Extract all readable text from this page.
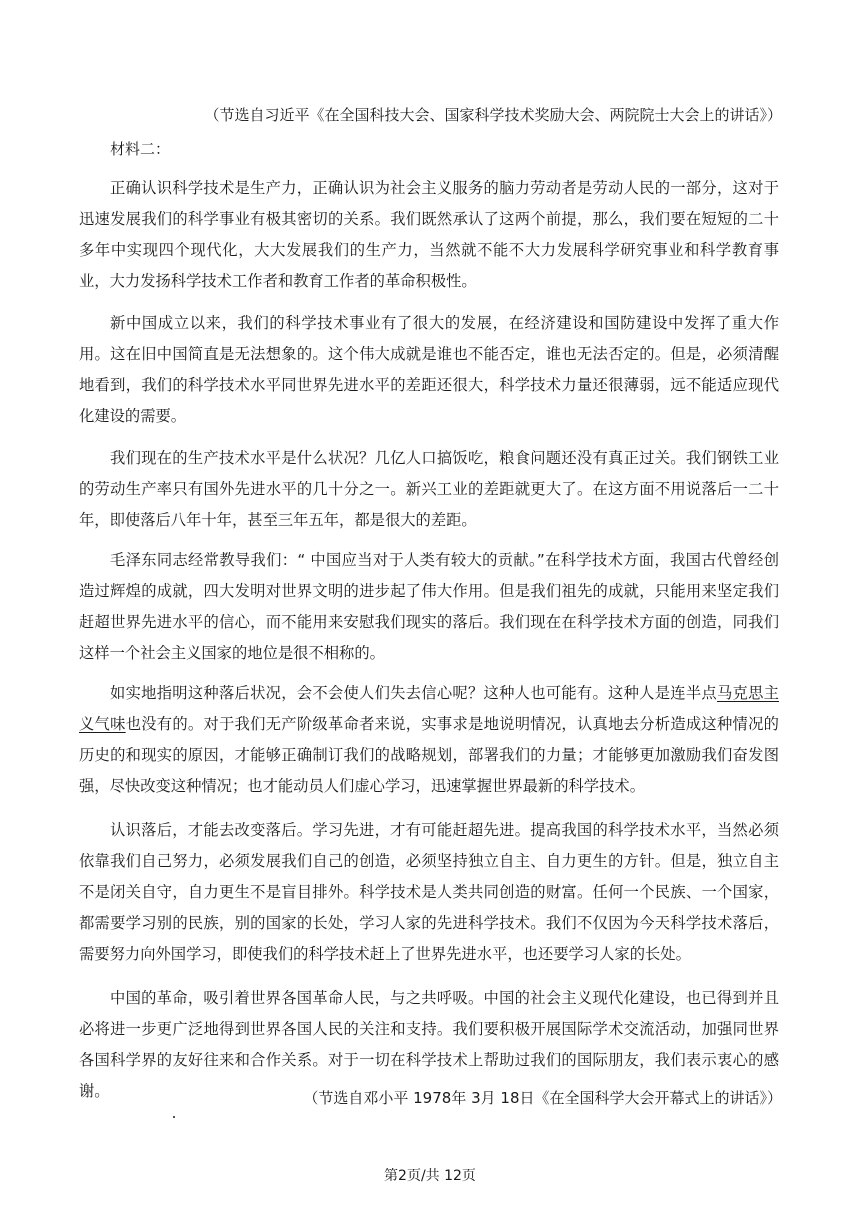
（节选自习近平《在全国科技大会、国家科学技术奖励大会、两院院士大会上的讲话》）
材料二：

正确认识科学技术是生产力，正确认识为社会主义服务的脑力劳动者是劳动人民的一部分，这对于迅速发展我们的科学事业有极其密切的关系。我们既然承认了这两个前提，那么，我们要在短短的二十多年中实现四个现代化，大大发展我们的生产力，当然就不能不大力发展科学研究事业和科学教育事业，大力发扬科学技术工作者和教育工作者的革命积极性。

新中国成立以来，我们的科学技术事业有了很大的发展，在经济建设和国防建设中发挥了重大作用。这在旧中国简直是无法想象的。这个伟大成就是谁也不能否定，谁也无法否定的。但是，必须清醒地看到，我们的科学技术水平同世界先进水平的差距还很大，科学技术力量还很薄弱，远不能适应现代化建设的需要。

我们现在的生产技术水平是什么状况？几亿人口搞饭吃，粮食问题还没有真正过关。我们钢铁工业的劳动生产率只有国外先进水平的几十分之一。新兴工业的差距就更大了。在这方面不用说落后一二十年，即使落后八年十年，甚至三年五年，都是很大的差距。

毛泽东同志经常教导我们：“ 中国应当对于人类有较大的贡献。”在科学技术方面，我国古代曾经创造过辉煌的成就，四大发明对世界文明的进步起了伟大作用。但是我们祖先的成就，只能用来坚定我们赶超世界先进水平的信心，而不能用来安慰我们现实的落后。我们现在在科学技术方面的创造，同我们这样一个社会主义国家的地位是很不相称的。

如实地指明这种落后状况，会不会使人们失去信心呢？这种人也可能有。这种人是连半点马克思主义气味也没有的。对于我们无产阶级革命者来说，实事求是地说明情况，认真地去分析造成这种情况的历史的和现实的原因，才能够正确制订我们的战略规划，部署我们的力量；才能够更加激励我们奋发图强，尽快改变这种情况；也才能动员人们虚心学习，迅速掌握世界最新的科学技术。

认识落后，才能去改变落后。学习先进，才有可能赶超先进。提高我国的科学技术水平，当然必须依靠我们自己努力，必须发展我们自己的创造，必须坚持独立自主、自力更生的方针。但是，独立自主不是闭关自守，自力更生不是盲目排外。科学技术是人类共同创造的财富。任何一个民族、一个国家，都需要学习别的民族，别的国家的长处，学习人家的先进科学技术。我们不仅因为今天科学技术落后，需要努力向外国学习，即使我们的科学技术赶上了世界先进水平，也还要学习人家的长处。

中国的革命，吸引着世界各国革命人民，与之共呼吸。中国的社会主义现代化建设，也已得到并且必将进一步更广泛地得到世界各国人民的关注和支持。我们要积极开展国际学术交流活动，加强同世界各国科学界的友好往来和合作关系。对于一切在科学技术上帮助过我们的国际朋友，我们表示衷心的感谢。	（节选自邓小平 1978年 3月 18日《在全国科学大会开幕式上的讲话》）
第2页/共 12页
